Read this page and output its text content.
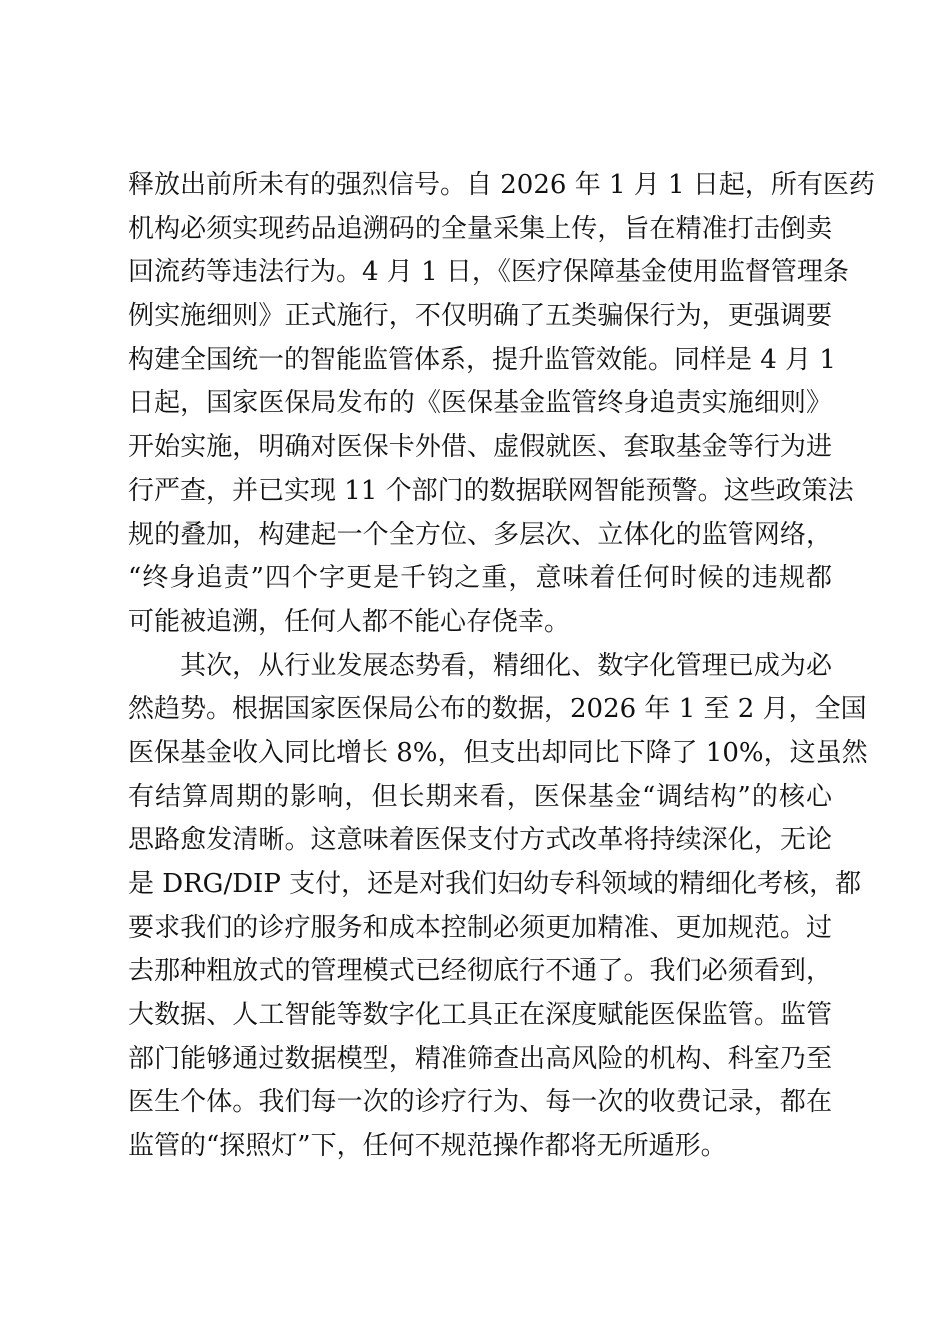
释放出前所未有的强烈信号。自 2026 年 1 月 1 日起，所有医药
机构必须实现药品追溯码的全量采集上传，旨在精准打击倒卖
回流药等违法行为。4 月 1 日，《医疗保障基金使用监督管理条
例实施细则》正式施行，不仅明确了五类骗保行为，更强调要
构建全国统一的智能监管体系，提升监管效能。同样是 4 月 1
日起，国家医保局发布的《医保基金监管终身追责实施细则》
开始实施，明确对医保卡外借、虚假就医、套取基金等行为进
行严查，并已实现 11 个部门的数据联网智能预警。这些政策法
规的叠加，构建起一个全方位、多层次、立体化的监管网络，
“终身追责”四个字更是千钧之重，意味着任何时候的违规都
可能被追溯，任何人都不能心存侥幸。
其次，从行业发展态势看，精细化、数字化管理已成为必
然趋势。根据国家医保局公布的数据，2026 年 1 至 2 月，全国
医保基金收入同比增长 8%，但支出却同比下降了 10%，这虽然
有结算周期的影响，但长期来看，医保基金“调结构”的核心
思路愈发清晰。这意味着医保支付方式改革将持续深化，无论
是 DRG/DIP 支付，还是对我们妇幼专科领域的精细化考核，都
要求我们的诊疗服务和成本控制必须更加精准、更加规范。过
去那种粗放式的管理模式已经彻底行不通了。我们必须看到，
大数据、人工智能等数字化工具正在深度赋能医保监管。监管
部门能够通过数据模型，精准筛查出高风险的机构、科室乃至
医生个体。我们每一次的诊疗行为、每一次的收费记录，都在
监管的“探照灯”下，任何不规范操作都将无所遁形。
